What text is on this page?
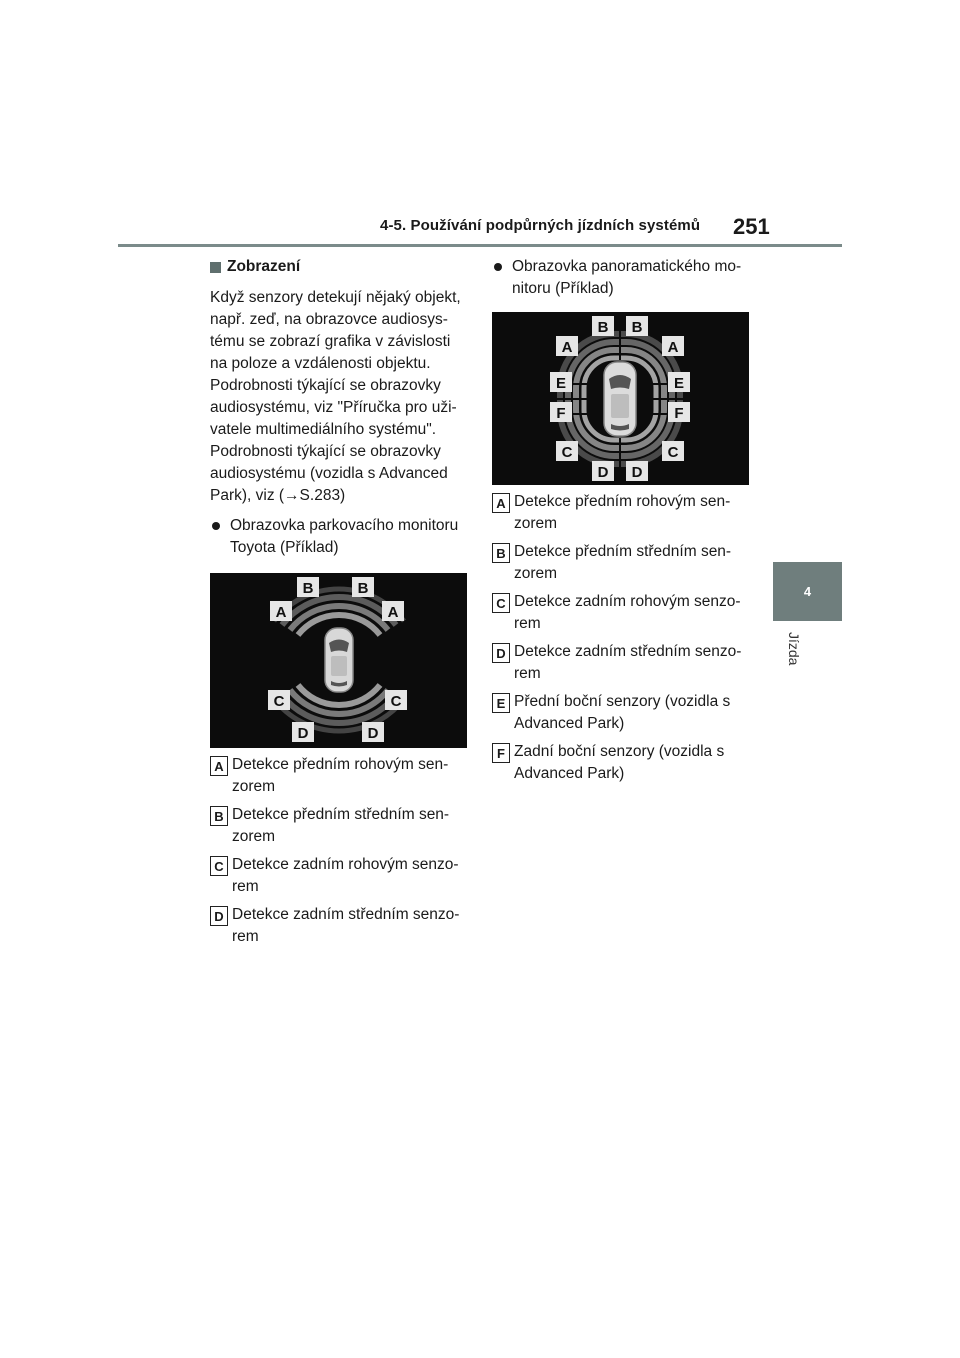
4-5. Používání podpůrných jízdních systémů 251
4
Jízda
Zobrazení

Když senzory detekují nějaký objekt, např. zeď, na obrazovce audiosys-tému se zobrazí grafika v závislosti na poloze a vzdálenosti objektu. Podrobnosti týkající se obrazovky audiosystému, viz "Příručka pro uži-vatele multimediálního systému". Podrobnosti týkající se obrazovky audiosystému (vozidla s Advanced Park), viz (→S.283)

Obrazovka parkovacího monitoru Toyota (Příklad)
B	B
A	A
C	C
D	D
A Detekce předním rohovým sen-zorem
B Detekce předním středním sen-zorem
C Detekce zadním rohovým senzo-rem
D Detekce zadním středním senzo-rem
Obrazovka panoramatického mo-nitoru (Příklad)
B B
A	A
E	E
F	F
C	C
D D
A Detekce předním rohovým sen-zorem
B Detekce předním středním sen-zorem
C Detekce zadním rohovým senzo-rem
D Detekce zadním středním senzo-rem
E Přední boční senzory (vozidla s Advanced Park)
F Zadní boční senzory (vozidla s Advanced Park)
